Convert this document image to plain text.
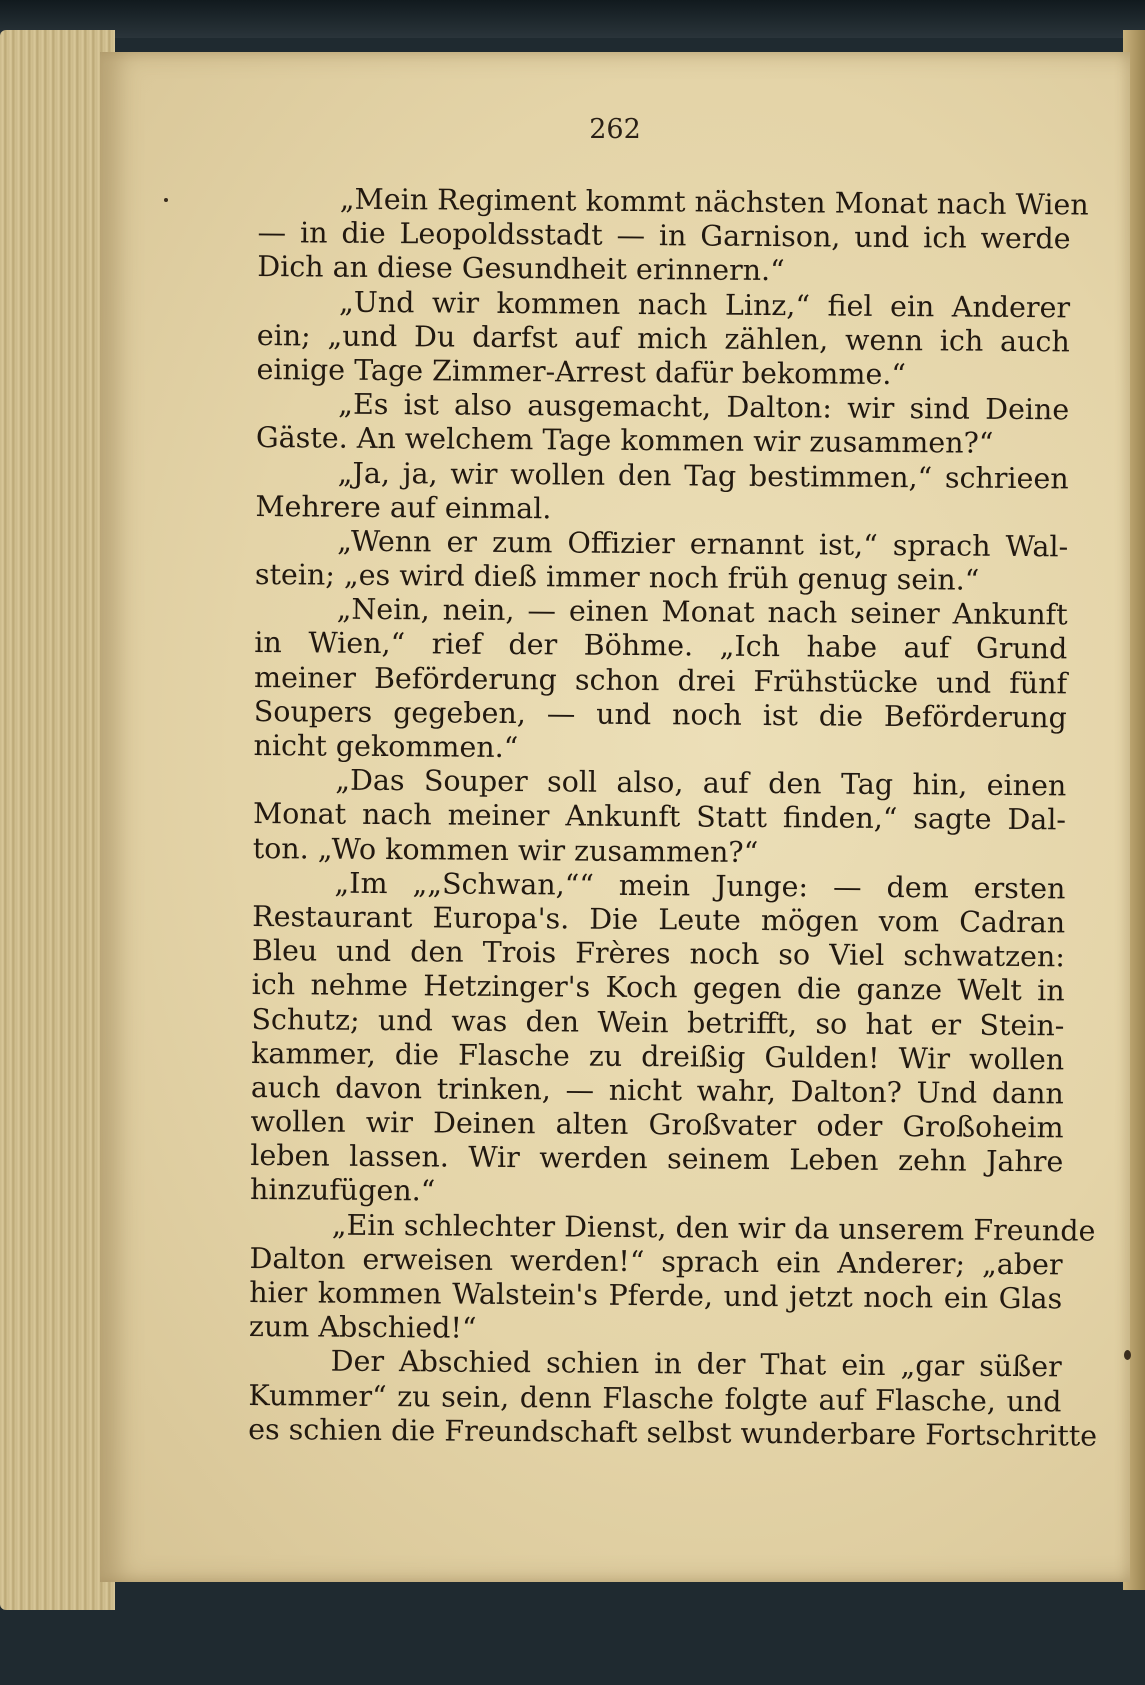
262
„Mein Regiment kommt nächsten Monat nach Wien
— in die Leopoldsstadt — in Garnison, und ich werde
Dich an diese Gesundheit erinnern.“
„Und wir kommen nach Linz,“ fiel ein Anderer
ein; „und Du darfst auf mich zählen, wenn ich auch
einige Tage Zimmer-Arrest dafür bekomme.“
„Es ist also ausgemacht, Dalton: wir sind Deine
Gäste. An welchem Tage kommen wir zusammen?“
„Ja, ja, wir wollen den Tag bestimmen,“ schrieen
Mehrere auf einmal.
„Wenn er zum Offizier ernannt ist,“ sprach Wal-
stein; „es wird dieß immer noch früh genug sein.“
„Nein, nein, — einen Monat nach seiner Ankunft
in Wien,“ rief der Böhme. „Ich habe auf Grund
meiner Beförderung schon drei Frühstücke und fünf
Soupers gegeben, — und noch ist die Beförderung
nicht gekommen.“
„Das Souper soll also, auf den Tag hin, einen
Monat nach meiner Ankunft Statt finden,“ sagte Dal-
ton. „Wo kommen wir zusammen?“
„Im „„Schwan,““ mein Junge: — dem ersten
Restaurant Europa's. Die Leute mögen vom Cadran
Bleu und den Trois Frères noch so Viel schwatzen:
ich nehme Hetzinger's Koch gegen die ganze Welt in
Schutz; und was den Wein betrifft, so hat er Stein-
kammer, die Flasche zu dreißig Gulden! Wir wollen
auch davon trinken, — nicht wahr, Dalton? Und dann
wollen wir Deinen alten Großvater oder Großoheim
leben lassen. Wir werden seinem Leben zehn Jahre
hinzufügen.“
„Ein schlechter Dienst, den wir da unserem Freunde
Dalton erweisen werden!“ sprach ein Anderer; „aber
hier kommen Walstein's Pferde, und jetzt noch ein Glas
zum Abschied!“
Der Abschied schien in der That ein „gar süßer
Kummer“ zu sein, denn Flasche folgte auf Flasche, und
es schien die Freundschaft selbst wunderbare Fortschritte
